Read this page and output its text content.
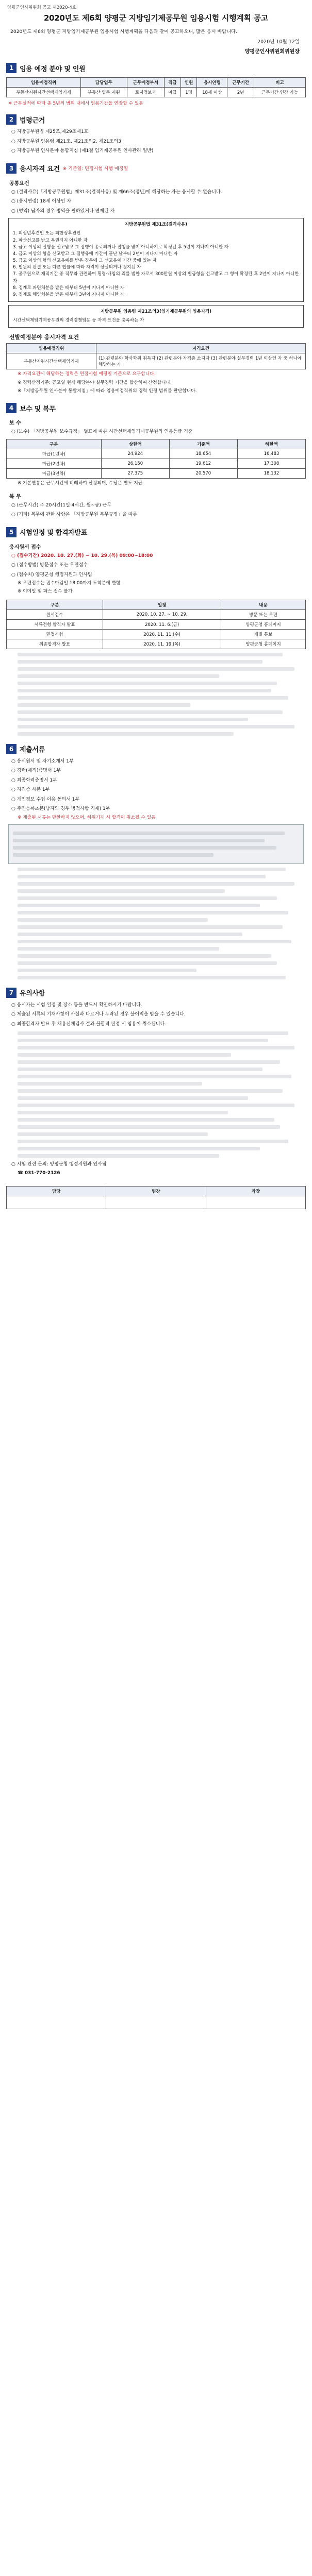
양평군인사위원회 공고 제2020-4호
2020년도 제6회 양평군 지방임기제공무원 임용시험 시행계획 공고
2020년도 제6회 양평군 지방임기제공무원 임용시험 시행계획을 다음과 같이 공고하오니, 많은 응시 바랍니다.
2020년 10월 12일
양평군인사위원회위원장
1 임용 예정 분야 및 인원
임용예정직위	담당업무	근무예정부서	직급	인원	응시연령	근무기간	비고
부동산지원시간선택제임기제	부동산 업무 지원	토지정보과	마급	1명	18세 이상	2년	근무기간 연장 가능
※ 근무실적에 따라 총 5년의 범위 내에서 임용기간을 연장할 수 있음
2 법령근거

○ 지방공무원법 제25조,제29조제1호

○ 지방공무원 임용령 제21조, 제21조의2, 제21조의3

○ 지방공무원 인사분야 통합지침 (제1절 임기제공무원 인사관리 일반)

3 응시자격 요건 ※ 기준일: 면접시험 시행 예정일
공통요건

○ (결격사유)「지방공무원법」제31조(결격사유) 및 제66조(정년)에 해당하는 자는 응시할 수 없습니다.

○ (응시연령) 18세 이상인 자

○ (병역) 남자의 경우 병역을 필하였거나 면제된 자

지방공무원법 제31조(결격사유)
1. 피성년후견인 또는 피한정후견인
2. 파산선고를 받고 복권되지 아니한 자
3. 금고 이상의 실형을 선고받고 그 집행이 종료되거나 집행을 받지 아니하기로 확정된 후 5년이 지나지 아니한 자
4. 금고 이상의 형을 선고받고 그 집행유예 기간이 끝난 날부터 2년이 지나지 아니한 자
5. 금고 이상의 형의 선고유예를 받은 경우에 그 선고유예 기간 중에 있는 자
6. 법원의 판결 또는 다른 법률에 따라 자격이 상실되거나 정지된 자
7. 공무원으로 재직기간 중 직무와 관련하여 횡령·배임의 죄를 범한 자로서 300만원 이상의 벌금형을 선고받고 그 형이 확정된 후 2년이 지나지 아니한 자
8. 징계로 파면처분을 받은 때부터 5년이 지나지 아니한 자
9. 징계로 해임처분을 받은 때부터 3년이 지나지 아니한 자
지방공무원 임용령 제21조의3(임기제공무원의 임용자격)
시간선택제임기제공무원의 경력경쟁임용 등 자격 요건을 충족하는 자
선발예정분야 응시자격 요건
임용예정직위	자격요건
부동산지원시간선택제임기제	(1) 관련분야 학사학위 취득자 (2) 관련분야 자격증 소지자 (3) 관련분야 실무경력 1년 이상인 자 중 하나에 해당하는 자

※ 자격요건에 해당하는 경력은 면접시험 예정일 기준으로 요구합니다.

※ 경력산정기준: 공고일 현재 해당분야 실무경력 기간을 합산하여 산정합니다.

※「지방공무원 인사분야 통합지침」에 따라 임용예정직위의 경력 인정 범위를 판단합니다.

4 보수 및 복무
보 수

○ (보수) 「지방공무원 보수규정」 별표에 따른 시간선택제임기제공무원의 연봉등급 기준

구분	상한액	기준액	하한액
마급(1년차)	24,924	18,654	16,483
마급(2년차)	26,150	19,612	17,308
마급(3년차)	27,375	20,570	18,132

※ 기본연봉은 근무시간에 비례하여 산정되며, 수당은 별도 지급

복 무

○ (근무시간) 주 20시간(1일 4시간, 월~금) 근무

○ (기타) 복무에 관한 사항은 「지방공무원 복무규정」을 따름

5 시험일정 및 합격자발표
응시원서 접수

○ (접수기간) 2020. 10. 27.(화) ~ 10. 29.(목) 09:00~18:00

○ (접수방법) 방문접수 또는 우편접수

○ (접수처) 양평군청 행정지원과 인사팀

※ 우편접수는 접수마감일 18:00까지 도착분에 한함

※ 이메일 및 팩스 접수 불가

구분	일정	내용
원서접수	2020. 10. 27. ~ 10. 29.	방문 또는 우편
서류전형 합격자 발표	2020. 11. 6.(금)	양평군청 홈페이지
면접시험	2020. 11. 11.(수)	개별 통보
최종합격자 발표	2020. 11. 19.(목)	양평군청 홈페이지
6 제출서류

○ 응시원서 및 자기소개서 1부

○ 경력(재직)증명서 1부

○ 최종학력증명서 1부

○ 자격증 사본 1부

○ 개인정보 수집·이용 동의서 1부

○ 주민등록초본(남자의 경우 병적사항 기재) 1부

※ 제출된 서류는 반환하지 않으며, 허위기재 시 합격이 취소될 수 있음

7 유의사항

○ 응시자는 시험 일정 및 장소 등을 반드시 확인하시기 바랍니다.

○ 제출된 서류의 기재사항이 사실과 다르거나 누락된 경우 불이익을 받을 수 있습니다.

○ 최종합격자 발표 후 채용신체검사 결과 불합격 판정 시 임용이 취소됩니다.

○ 시험 관련 문의: 양평군청 행정지원과 인사팀

☎ 031-770-2126

담당	팀장	과장
